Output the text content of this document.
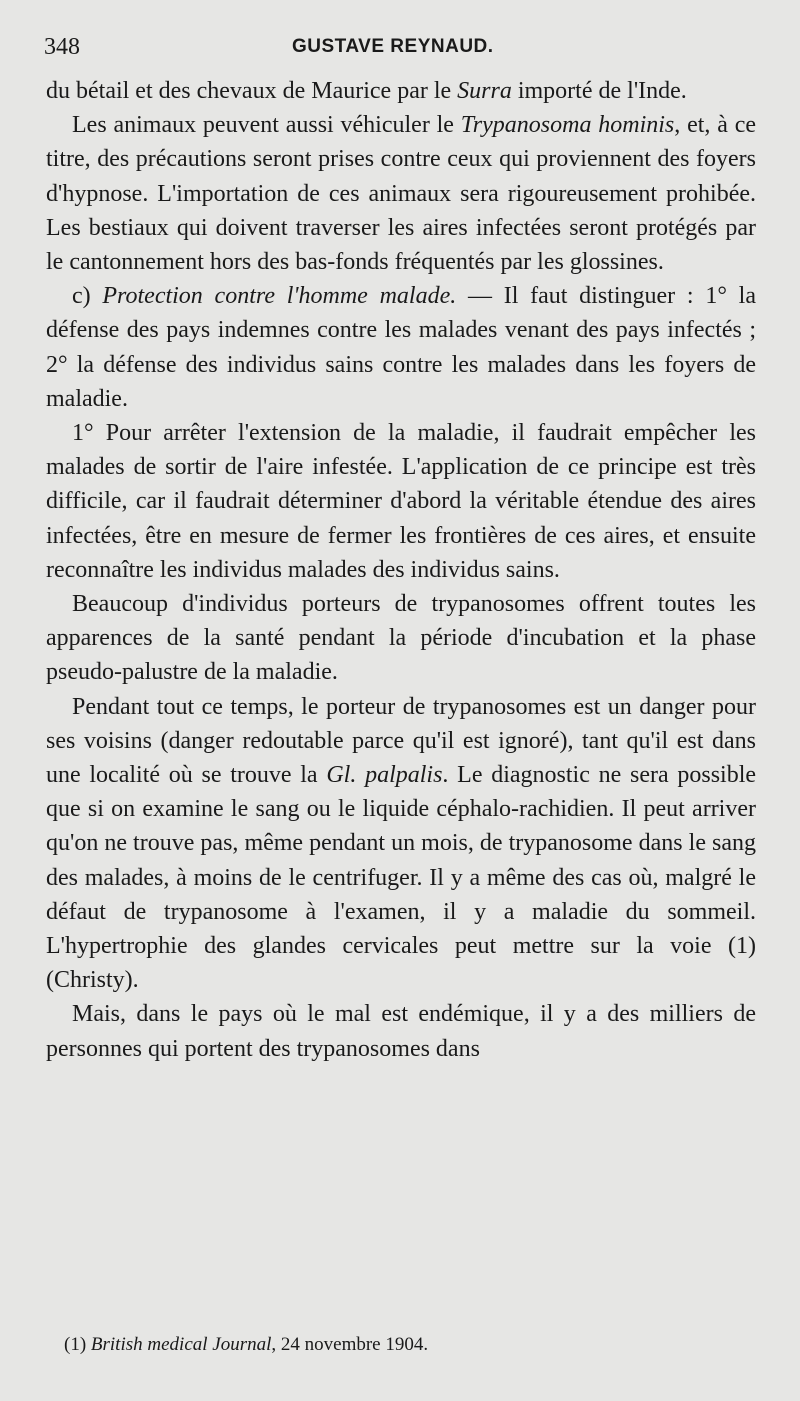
348	GUSTAVE REYNAUD.

du bétail et des chevaux de Maurice par le Surra importé de l'Inde.

Les animaux peuvent aussi véhiculer le Trypanosoma hominis, et, à ce titre, des précautions seront prises contre ceux qui proviennent des foyers d'hypnose. L'importation de ces animaux sera rigoureusement prohibée. Les bestiaux qui doivent traverser les aires infectées seront protégés par le cantonnement hors des bas-fonds fréquentés par les glossines.

c) Protection contre l'homme malade. — Il faut distinguer : 1° la défense des pays indemnes contre les malades venant des pays infectés ; 2° la défense des individus sains contre les malades dans les foyers de maladie.

1° Pour arrêter l'extension de la maladie, il faudrait empêcher les malades de sortir de l'aire infestée. L'application de ce principe est très difficile, car il faudrait déterminer d'abord la véritable étendue des aires infectées, être en mesure de fermer les frontières de ces aires, et ensuite reconnaître les individus malades des individus sains.

Beaucoup d'individus porteurs de trypanosomes offrent toutes les apparences de la santé pendant la période d'incubation et la phase pseudo-palustre de la maladie.

Pendant tout ce temps, le porteur de trypanosomes est un danger pour ses voisins (danger redoutable parce qu'il est ignoré), tant qu'il est dans une localité où se trouve la Gl. palpalis. Le diagnostic ne sera possible que si on examine le sang ou le liquide céphalo-rachidien. Il peut arriver qu'on ne trouve pas, même pendant un mois, de trypanosome dans le sang des malades, à moins de le centrifuger. Il y a même des cas où, malgré le défaut de trypanosome à l'examen, il y a maladie du sommeil. L'hypertrophie des glandes cervicales peut mettre sur la voie (1) (Christy).

Mais, dans le pays où le mal est endémique, il y a des milliers de personnes qui portent des trypanosomes dans

(1) British medical Journal, 24 novembre 1904.
